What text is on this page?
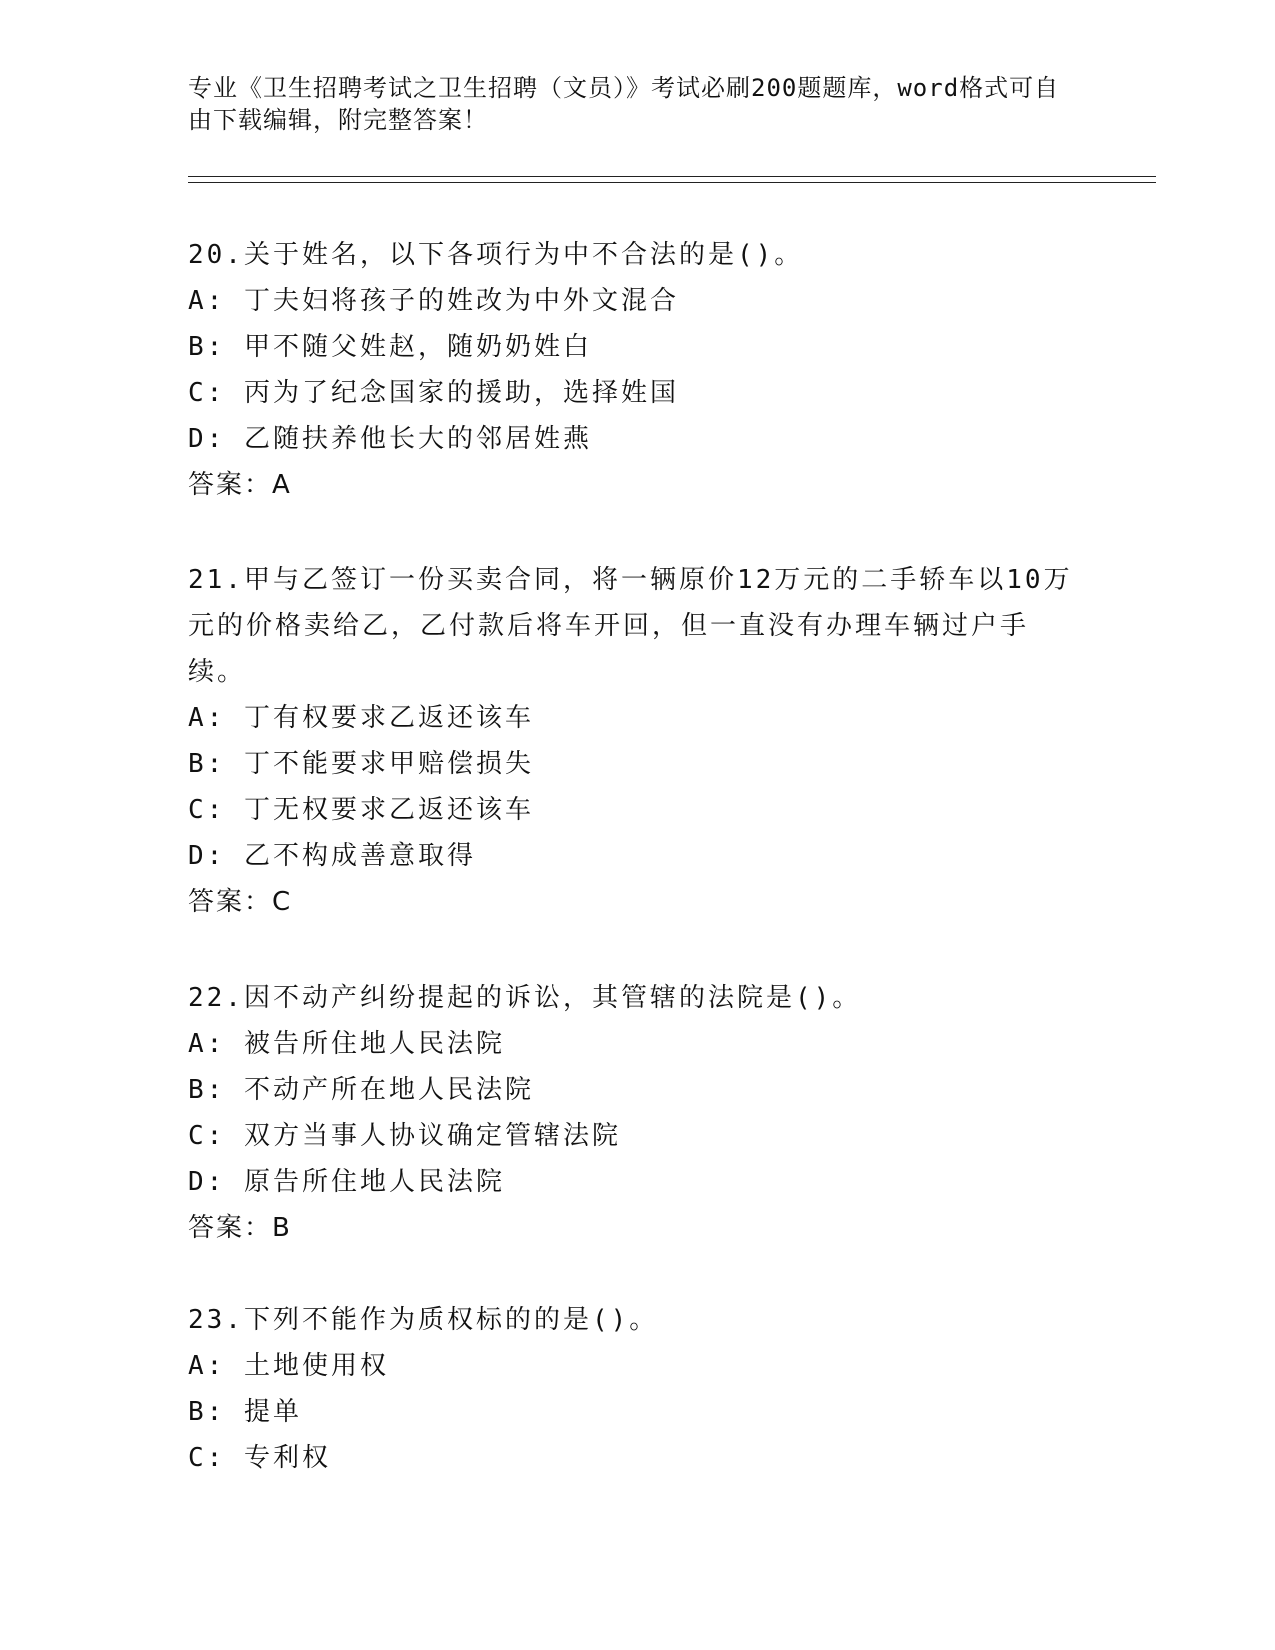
专业《卫生招聘考试之卫生招聘（文员）》考试必刷200题题库，word格式可自由下载编辑，附完整答案！
20.关于姓名，以下各项行为中不合法的是()。
A: 丁夫妇将孩子的姓改为中外文混合
B: 甲不随父姓赵，随奶奶姓白
C: 丙为了纪念国家的援助，选择姓国
D: 乙随扶养他长大的邻居姓燕
答案：A
21.甲与乙签订一份买卖合同，将一辆原价12万元的二手轿车以10万元的价格卖给乙，乙付款后将车开回，但一直没有办理车辆过户手续。
A: 丁有权要求乙返还该车
B: 丁不能要求甲赔偿损失
C: 丁无权要求乙返还该车
D: 乙不构成善意取得
答案：C
22.因不动产纠纷提起的诉讼，其管辖的法院是()。
A: 被告所住地人民法院
B: 不动产所在地人民法院
C: 双方当事人协议确定管辖法院
D: 原告所住地人民法院
答案：B
23.下列不能作为质权标的的是()。
A: 土地使用权
B: 提单
C: 专利权
